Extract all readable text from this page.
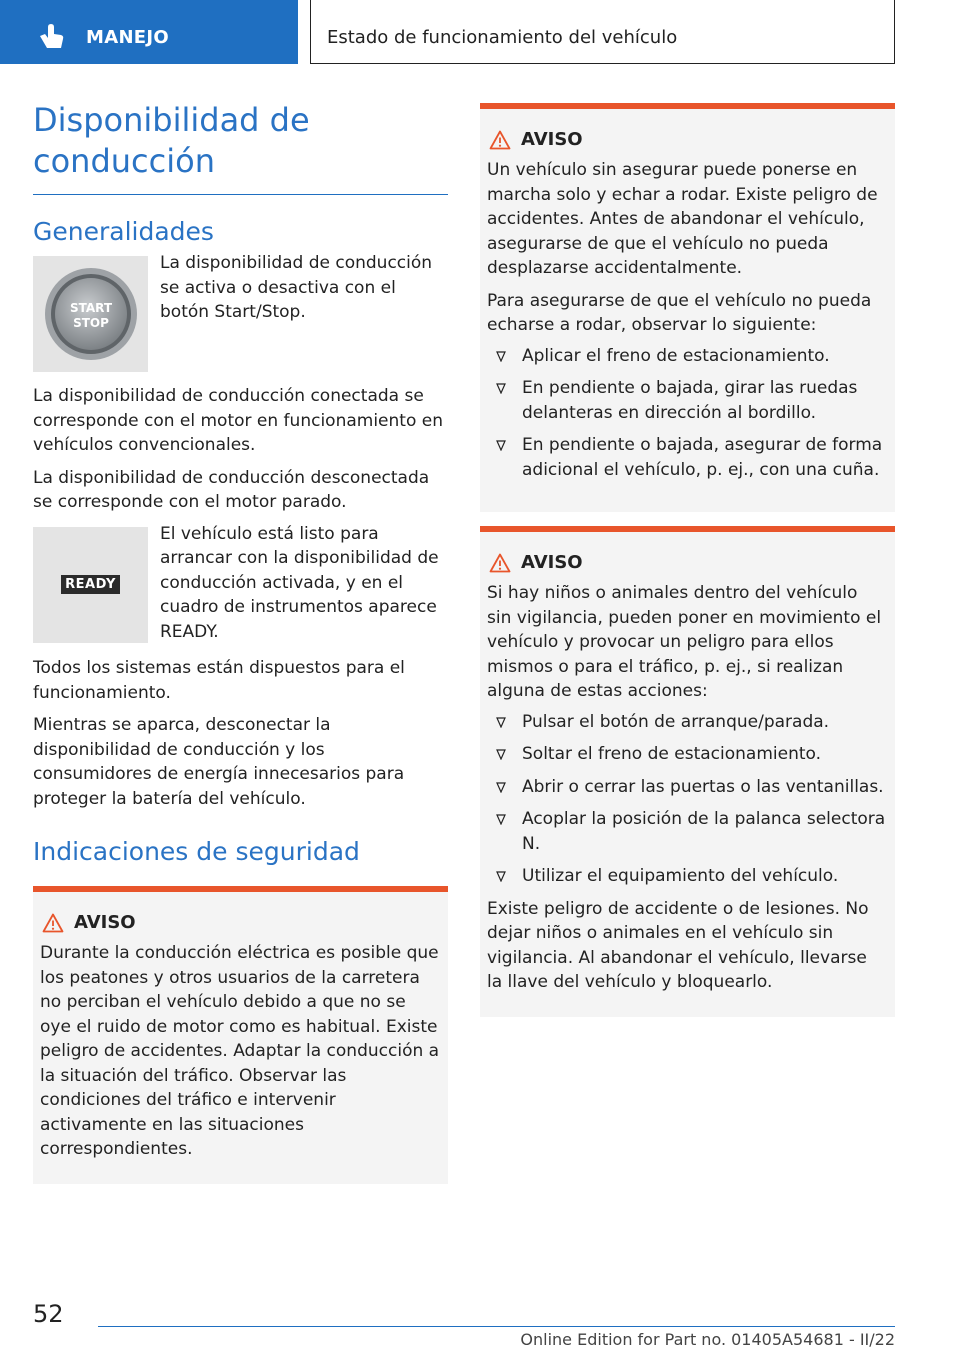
MANEJO	Estado de funcionamiento del vehículo
Disponibilidad de conducción
Generalidades
START
STOP

La disponibilidad de conducción se activa o desactiva con el botón Start/Stop.

La disponibilidad de conducción conectada se corresponde con el motor en funcionamiento en vehículos convencionales.

La disponibilidad de conducción desconectada se corresponde con el motor parado.

READY

El vehículo está listo para arrancar con la disponibilidad de conducción activada, y en el cuadro de instrumentos aparece READY.

Todos los sistemas están dispuestos para el funcionamiento.

Mientras se aparca, desconectar la disponibilidad de conducción y los consumidores de energía innecesarios para proteger la batería del vehículo.

Indicaciones de seguridad
AVISO

Durante la conducción eléctrica es posible que los peatones y otros usuarios de la carretera no perciban el vehículo debido a que no se oye el ruido de motor como es habitual. Existe peligro de accidentes. Adaptar la conducción a la situación del tráfico. Observar las condiciones del tráfico e intervenir activamente en las situaciones correspondientes.

AVISO

Un vehículo sin asegurar puede ponerse en marcha solo y echar a rodar. Existe peligro de accidentes. Antes de abandonar el vehículo, asegurarse de que el vehículo no pueda desplazarse accidentalmente.

Para asegurarse de que el vehículo no pueda echarse a rodar, observar lo siguiente:

Aplicar el freno de estacionamiento.
En pendiente o bajada, girar las ruedas delanteras en dirección al bordillo.
En pendiente o bajada, asegurar de forma adicional el vehículo, p. ej., con una cuña.
AVISO

Si hay niños o animales dentro del vehículo sin vigilancia, pueden poner en movimiento el vehículo y provocar un peligro para ellos mismos o para el tráfico, p. ej., si realizan alguna de estas acciones:

Pulsar el botón de arranque/parada.
Soltar el freno de estacionamiento.
Abrir o cerrar las puertas o las ventanillas.
Acoplar la posición de la palanca selectora N.
Utilizar el equipamiento del vehículo.

Existe peligro de accidente o de lesiones. No dejar niños o animales en el vehículo sin vigilancia. Al abandonar el vehículo, llevarse la llave del vehículo y bloquearlo.

52
Online Edition for Part no. 01405A54681 - II/22
